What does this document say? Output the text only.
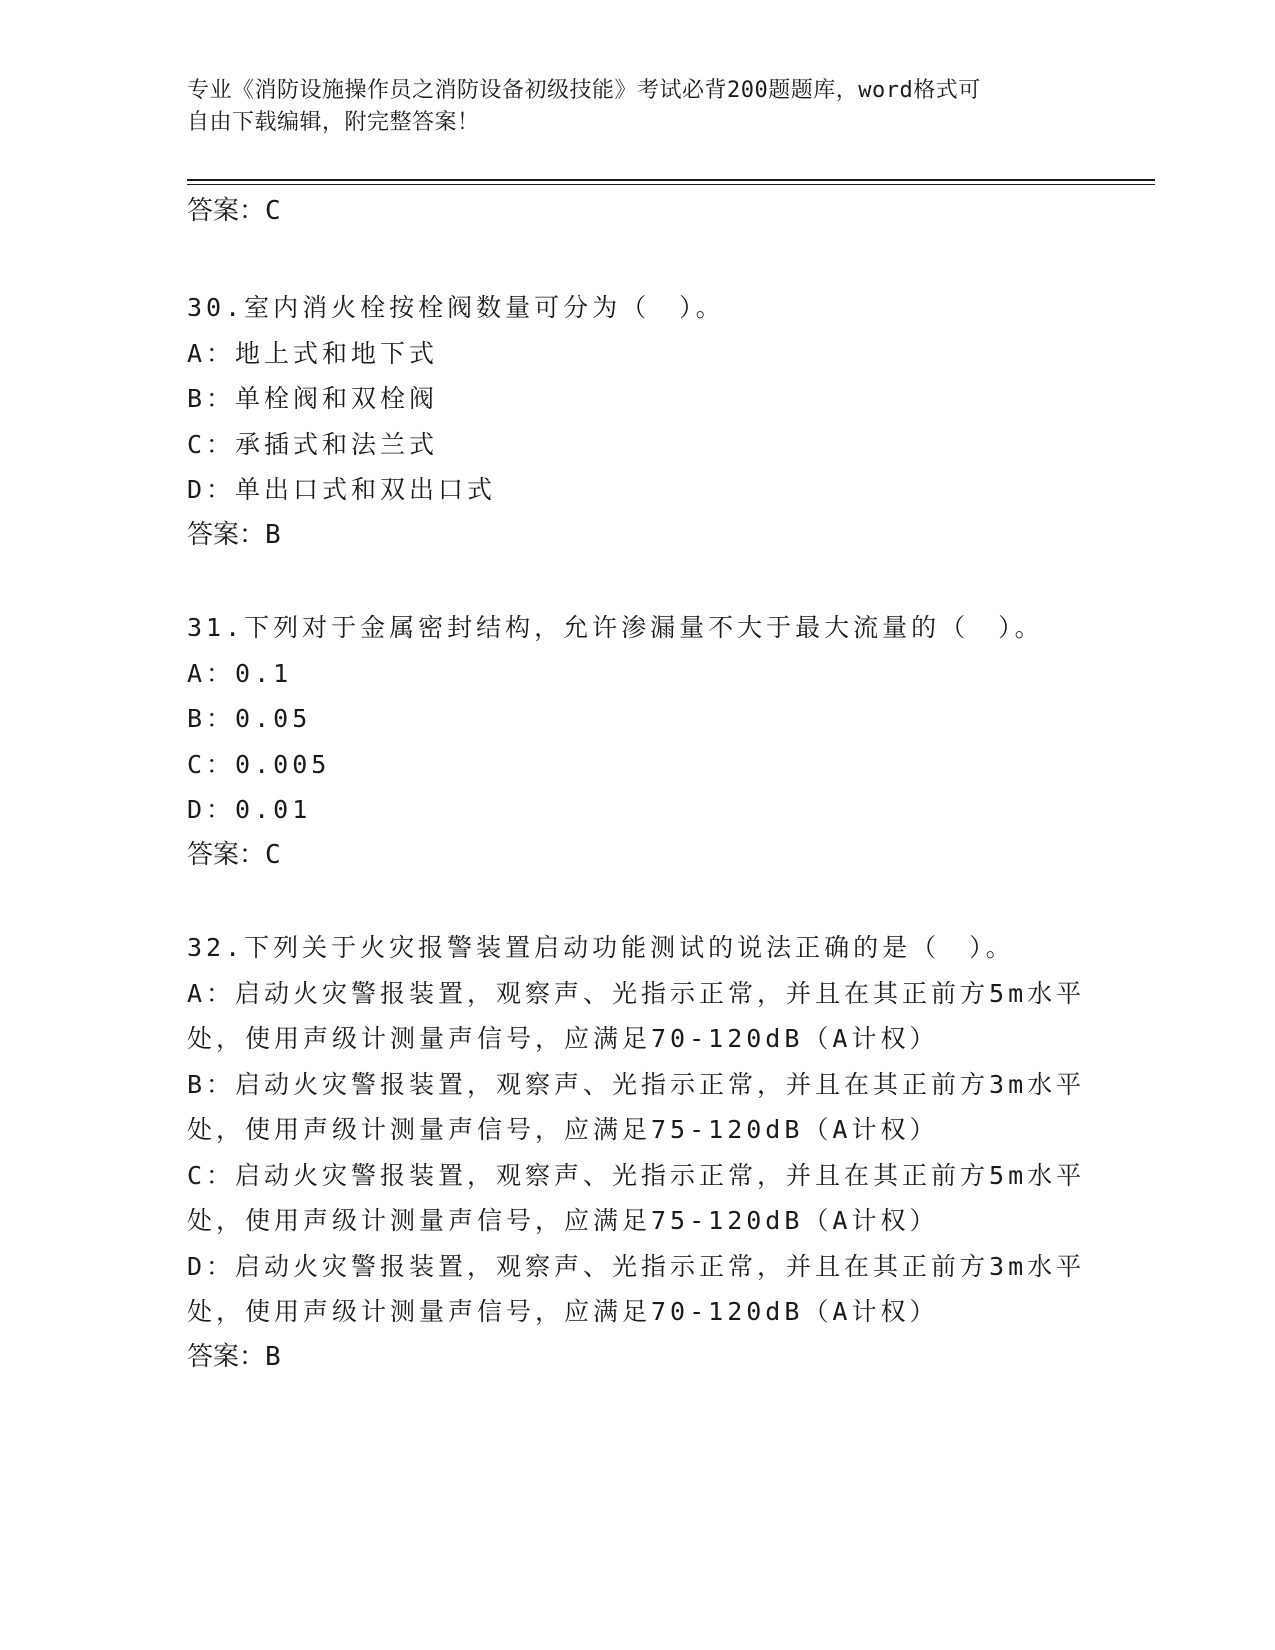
专业《消防设施操作员之消防设备初级技能》考试必背200题题库，word格式可
自由下载编辑，附完整答案！
答案：C
30.室内消火栓按栓阀数量可分为（　）。
A：地上式和地下式
B：单栓阀和双栓阀
C：承插式和法兰式
D：单出口式和双出口式
答案：B
31.下列对于金属密封结构，允许渗漏量不大于最大流量的（　）。
A：0.1
B：0.05
C：0.005
D：0.01
答案：C
32.下列关于火灾报警装置启动功能测试的说法正确的是（　）。
A：启动火灾警报装置，观察声、光指示正常，并且在其正前方5m水平处，使用声级计测量声信号，应满足70-120dB（A计权）
B：启动火灾警报装置，观察声、光指示正常，并且在其正前方3m水平处，使用声级计测量声信号，应满足75-120dB（A计权）
C：启动火灾警报装置，观察声、光指示正常，并且在其正前方5m水平处，使用声级计测量声信号，应满足75-120dB（A计权）
D：启动火灾警报装置，观察声、光指示正常，并且在其正前方3m水平处，使用声级计测量声信号，应满足70-120dB（A计权）
答案：B
